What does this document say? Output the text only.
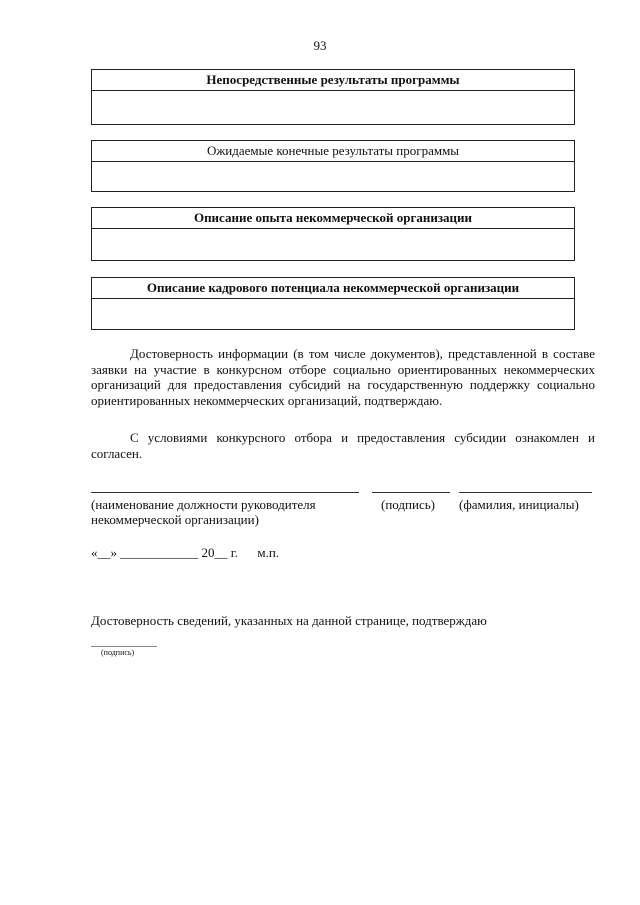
93
Непосредственные результаты программы
Ожидаемые конечные результаты программы
Описание опыта некоммерческой организации
Описание кадрового потенциала некоммерческой организации

Достоверность информации (в том числе документов), представленной в составе заявки на участие в конкурсном отборе социально ориентированных некоммерческих организаций для предоставления субсидий на государственную поддержку социально ориентированных некоммерческих организаций, подтверждаю.

С условиями конкурсного отбора и предоставления субсидии ознакомлен и согласен.

(наименование должности руководителя некоммерческой организации)
(подпись) (фамилия, инициалы)
«__» ____________ 20__ г.      м.п.
Достоверность сведений, указанных на данной странице, подтверждаю
(подпись)
